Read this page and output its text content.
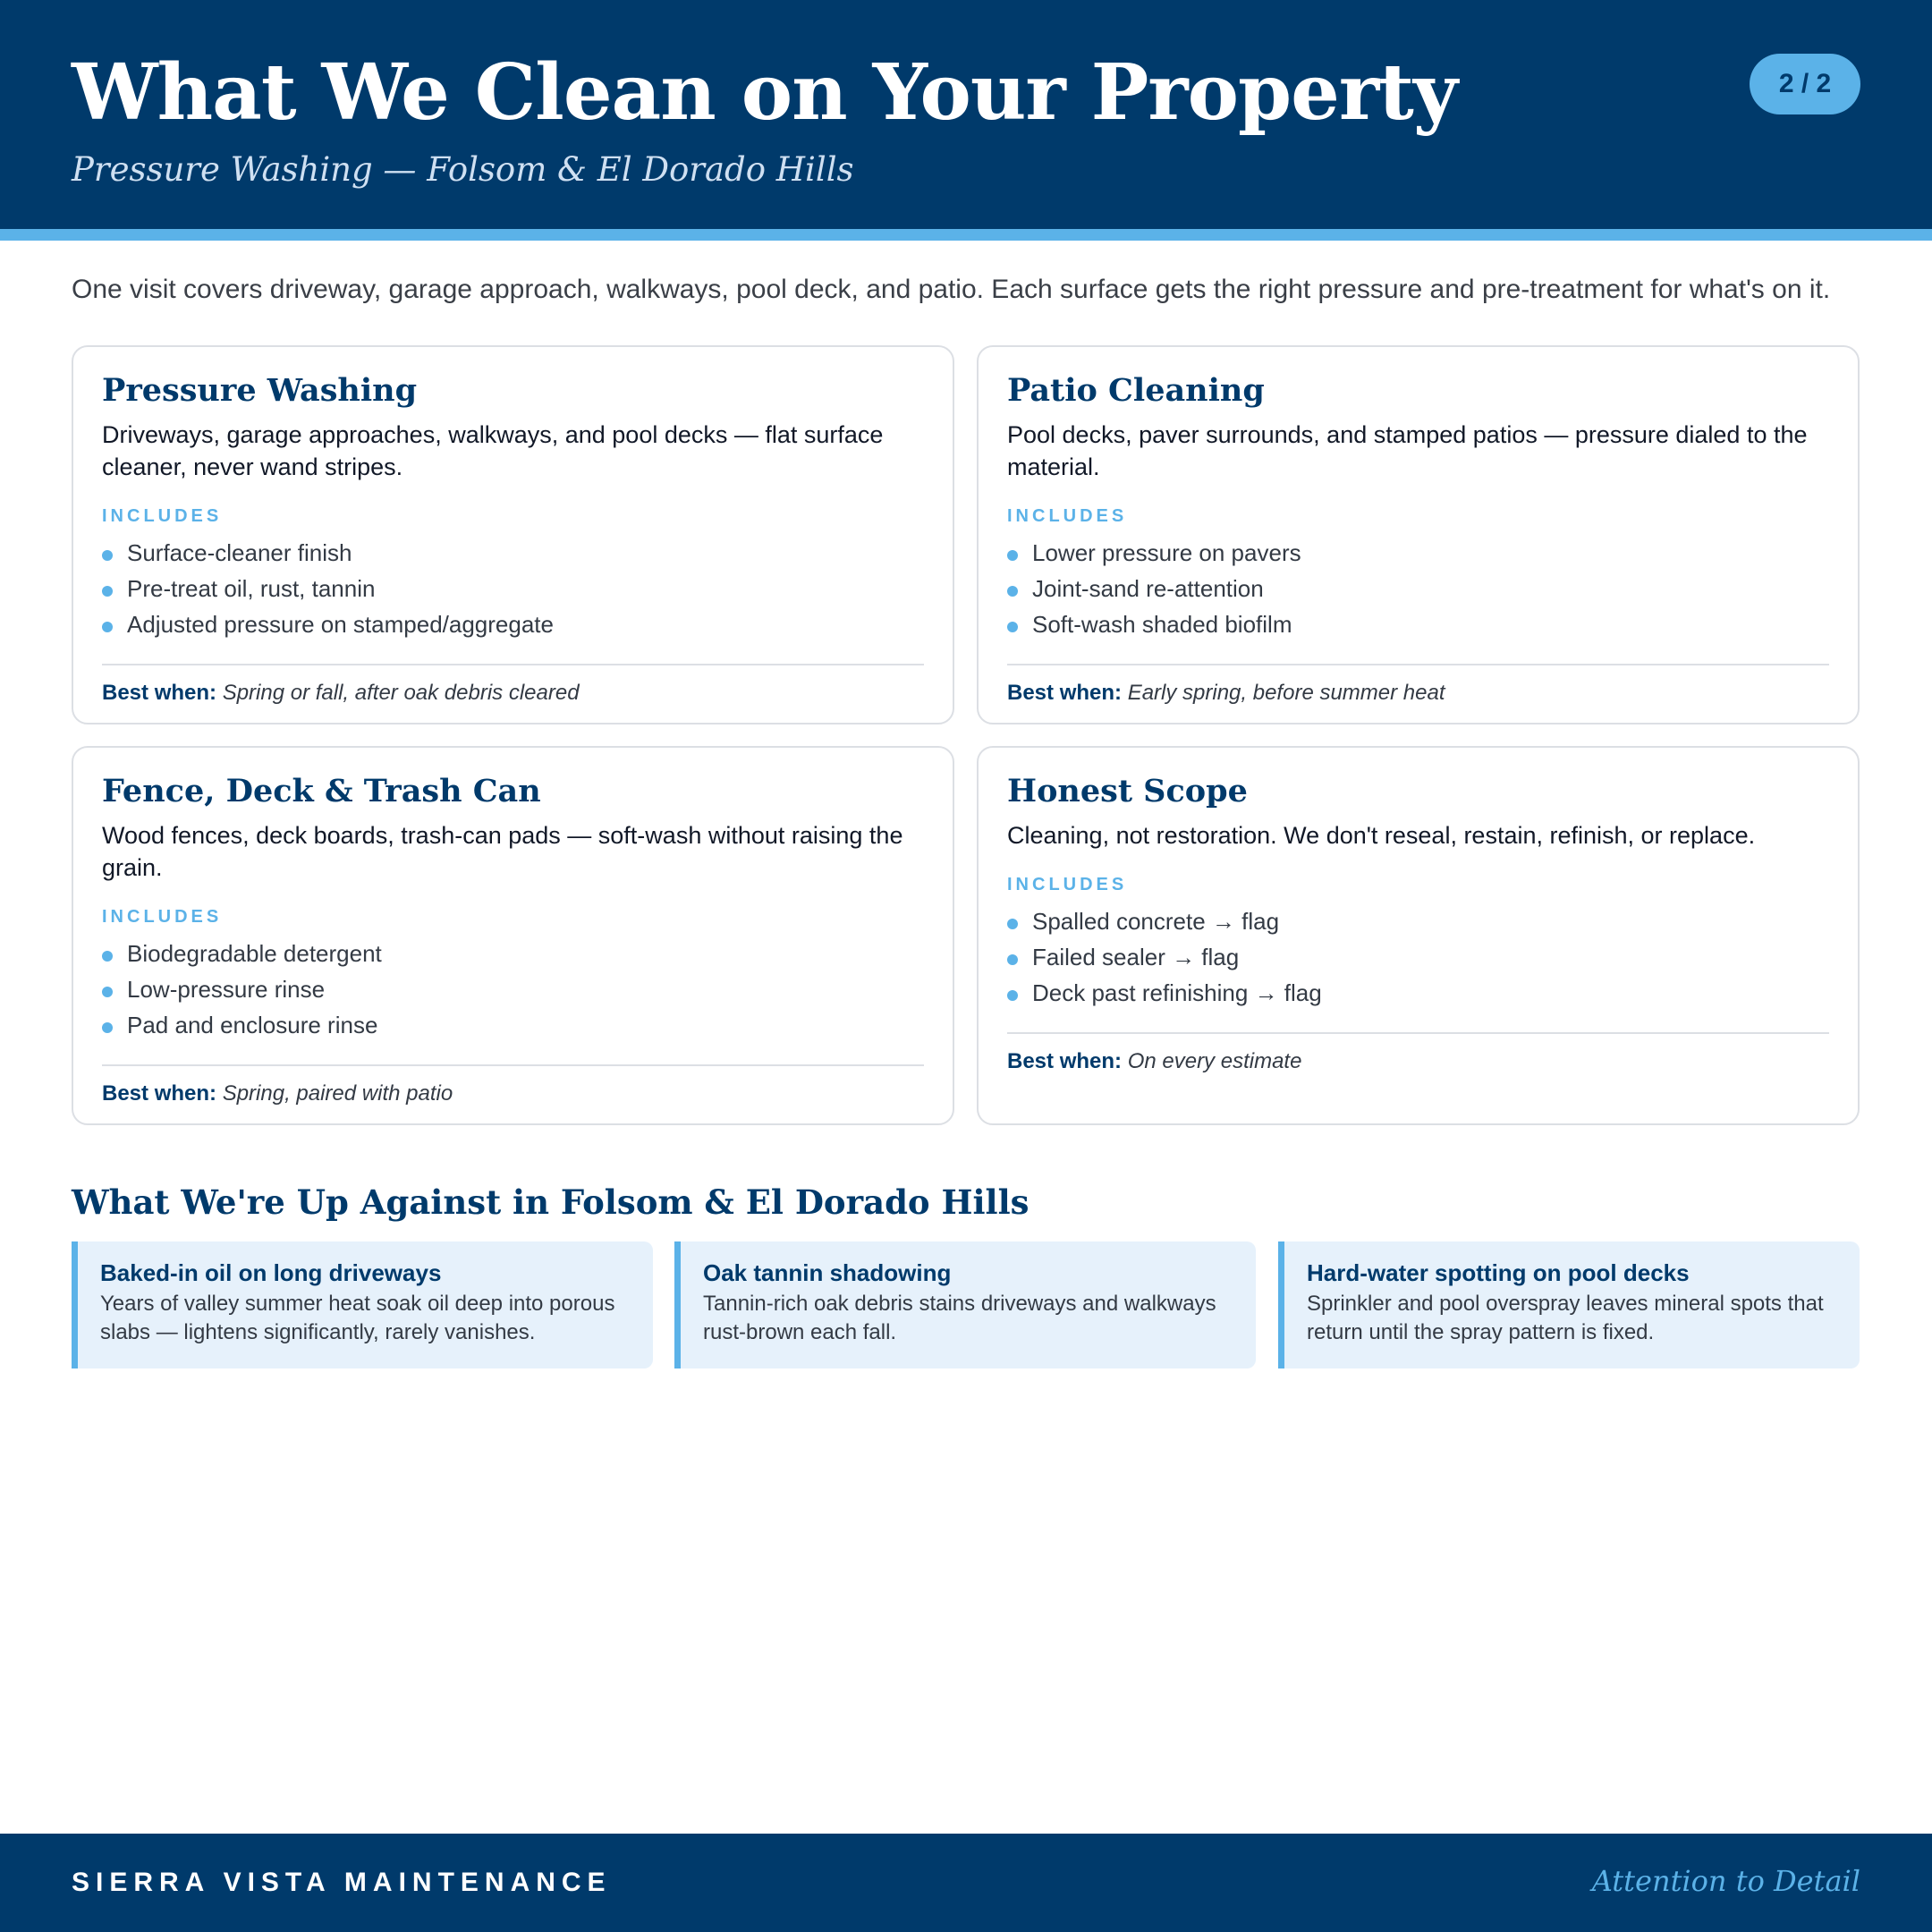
What We Clean on Your Property
Pressure Washing — Folsom & El Dorado Hills
2 / 2
One visit covers driveway, garage approach, walkways, pool deck, and patio. Each surface gets the right pressure and pre-treatment for what's on it.
Pressure Washing
Driveways, garage approaches, walkways, and pool decks — flat surface cleaner, never wand stripes.
INCLUDES
Surface-cleaner finish
Pre-treat oil, rust, tannin
Adjusted pressure on stamped/aggregate
Best when: Spring or fall, after oak debris cleared
Patio Cleaning
Pool decks, paver surrounds, and stamped patios — pressure dialed to the material.
INCLUDES
Lower pressure on pavers
Joint-sand re-attention
Soft-wash shaded biofilm
Best when: Early spring, before summer heat
Fence, Deck & Trash Can
Wood fences, deck boards, trash-can pads — soft-wash without raising the grain.
INCLUDES
Biodegradable detergent
Low-pressure rinse
Pad and enclosure rinse
Best when: Spring, paired with patio
Honest Scope
Cleaning, not restoration. We don't reseal, restain, refinish, or replace.
INCLUDES
Spalled concrete → flag
Failed sealer → flag
Deck past refinishing → flag
Best when: On every estimate
What We're Up Against in Folsom & El Dorado Hills
Baked-in oil on long driveways

Years of valley summer heat soak oil deep into porous slabs — lightens significantly, rarely vanishes.

Oak tannin shadowing

Tannin-rich oak debris stains driveways and walkways rust-brown each fall.

Hard-water spotting on pool decks

Sprinkler and pool overspray leaves mineral spots that return until the spray pattern is fixed.

SIERRA VISTA MAINTENANCE	Attention to Detail
